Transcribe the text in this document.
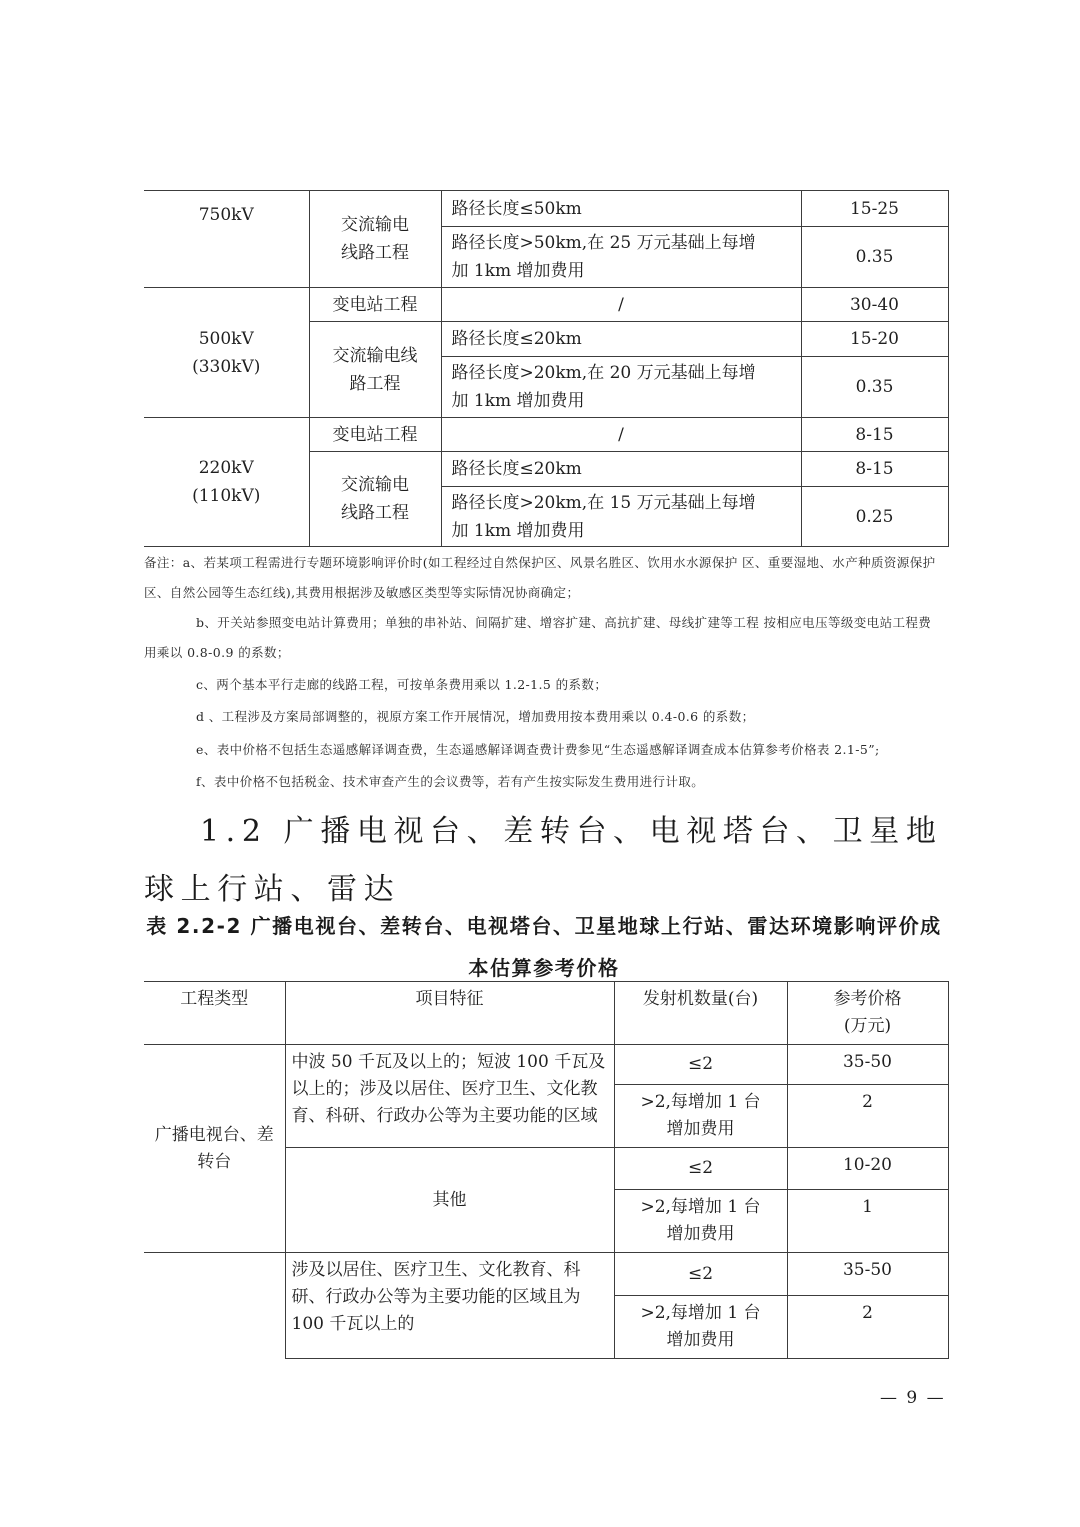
750kV	交流输电
线路工程	路径长度≤50km	15-25

		路径长度>50km,在 25 万元基础上每增
加 1km 增加费用	0.35

500kV
(330kV)	变电站工程	/	30-40

	交流输电线
路工程	路径长度≤20km	15-20

		路径长度>20km,在 20 万元基础上每增
加 1km 增加费用	0.35

220kV
(110kV)	变电站工程	/	8-15

	交流输电
线路工程	路径长度≤20km	8-15

		路径长度>20km,在 15 万元基础上每增
加 1km 增加费用	0.25
备注：a、若某项工程需进行专题环境影响评价时(如工程经过自然保护区、风景名胜区、饮用水水源保护 区、重要湿地、水产种质资源保护区、自然公园等生态红线),其费用根据涉及敏感区类型等实际情况协商确定；
b、开关站参照变电站计算费用；单独的串补站、间隔扩建、增容扩建、高抗扩建、母线扩建等工程 按相应电压等级变电站工程费用乘以 0.8-0.9 的系数；
c、两个基本平行走廊的线路工程，可按单条费用乘以 1.2-1.5 的系数；
d 、工程涉及方案局部调整的，视原方案工作开展情况，增加费用按本费用乘以 0.4-0.6 的系数；
e、表中价格不包括生态遥感解译调查费，生态遥感解译调查费计费参见“生态遥感解译调查成本估算参考价格表 2.1-5”;
f、表中价格不包括税金、技术审查产生的会议费等，若有产生按实际发生费用进行计取。
1.2 广播电视台、差转台、电视塔台、卫星地球上行站、雷达
表 2.2-2 广播电视台、差转台、电视塔台、卫星地球上行站、雷达环境影响评价成
本估算参考价格
工程类型	项目特征	发射机数量(台)	参考价格
(万元)

广播电视台、差转台	中波 50 千瓦及以上的；短波 100 千瓦及以上的；涉及以居住、医疗卫生、文化教育、科研、行政办公等为主要功能的区域	≤2	35-50

		>2,每增加 1 台
增加费用	2
	其他	≤2	10-20

		>2,每增加 1 台
增加费用	1
	涉及以居住、医疗卫生、文化教育、科研、行政办公等为主要功能的区域且为 100 千瓦以上的	≤2	35-50

		>2,每增加 1 台
增加费用	2
— 9 —
